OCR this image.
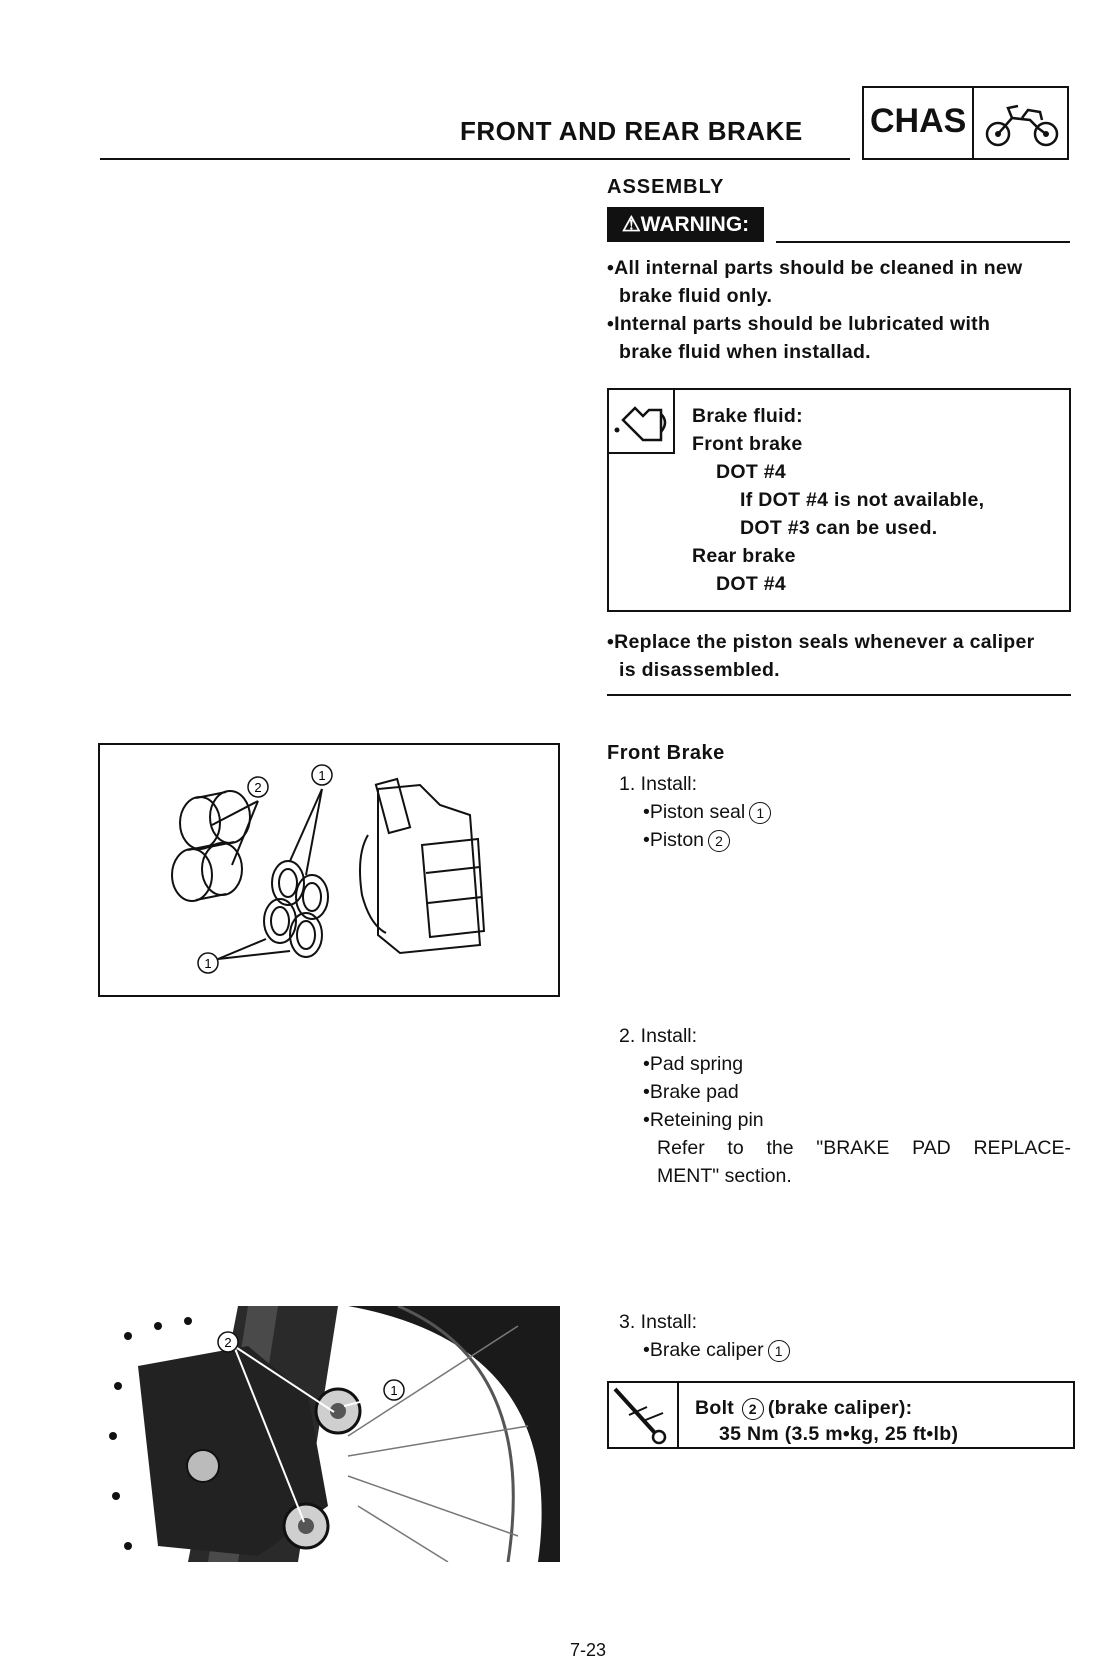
FRONT AND REAR BRAKE CHAS
ASSEMBLY
⚠WARNING:
•All internal parts should be cleaned in new
brake fluid only.
•Internal parts should be lubricated with
brake fluid when installad.
Brake fluid:
Front brake
DOT #4
If DOT #4 is not available,
DOT #3 can be used.
Rear brake
DOT #4
•Replace the piston seals whenever a caliper
is disassembled.
2
1
1
Front Brake
1. Install:
•Piston seal 1
•Piston 2
2. Install:
•Pad spring
•Brake pad
•Reteining pin
Refer to the "BRAKE PAD REPLACE-
MENT" section.
1
2
3. Install:
•Brake caliper 1
Bolt 2 (brake caliper):
35 Nm (3.5 m•kg, 25 ft•lb)
7-23
